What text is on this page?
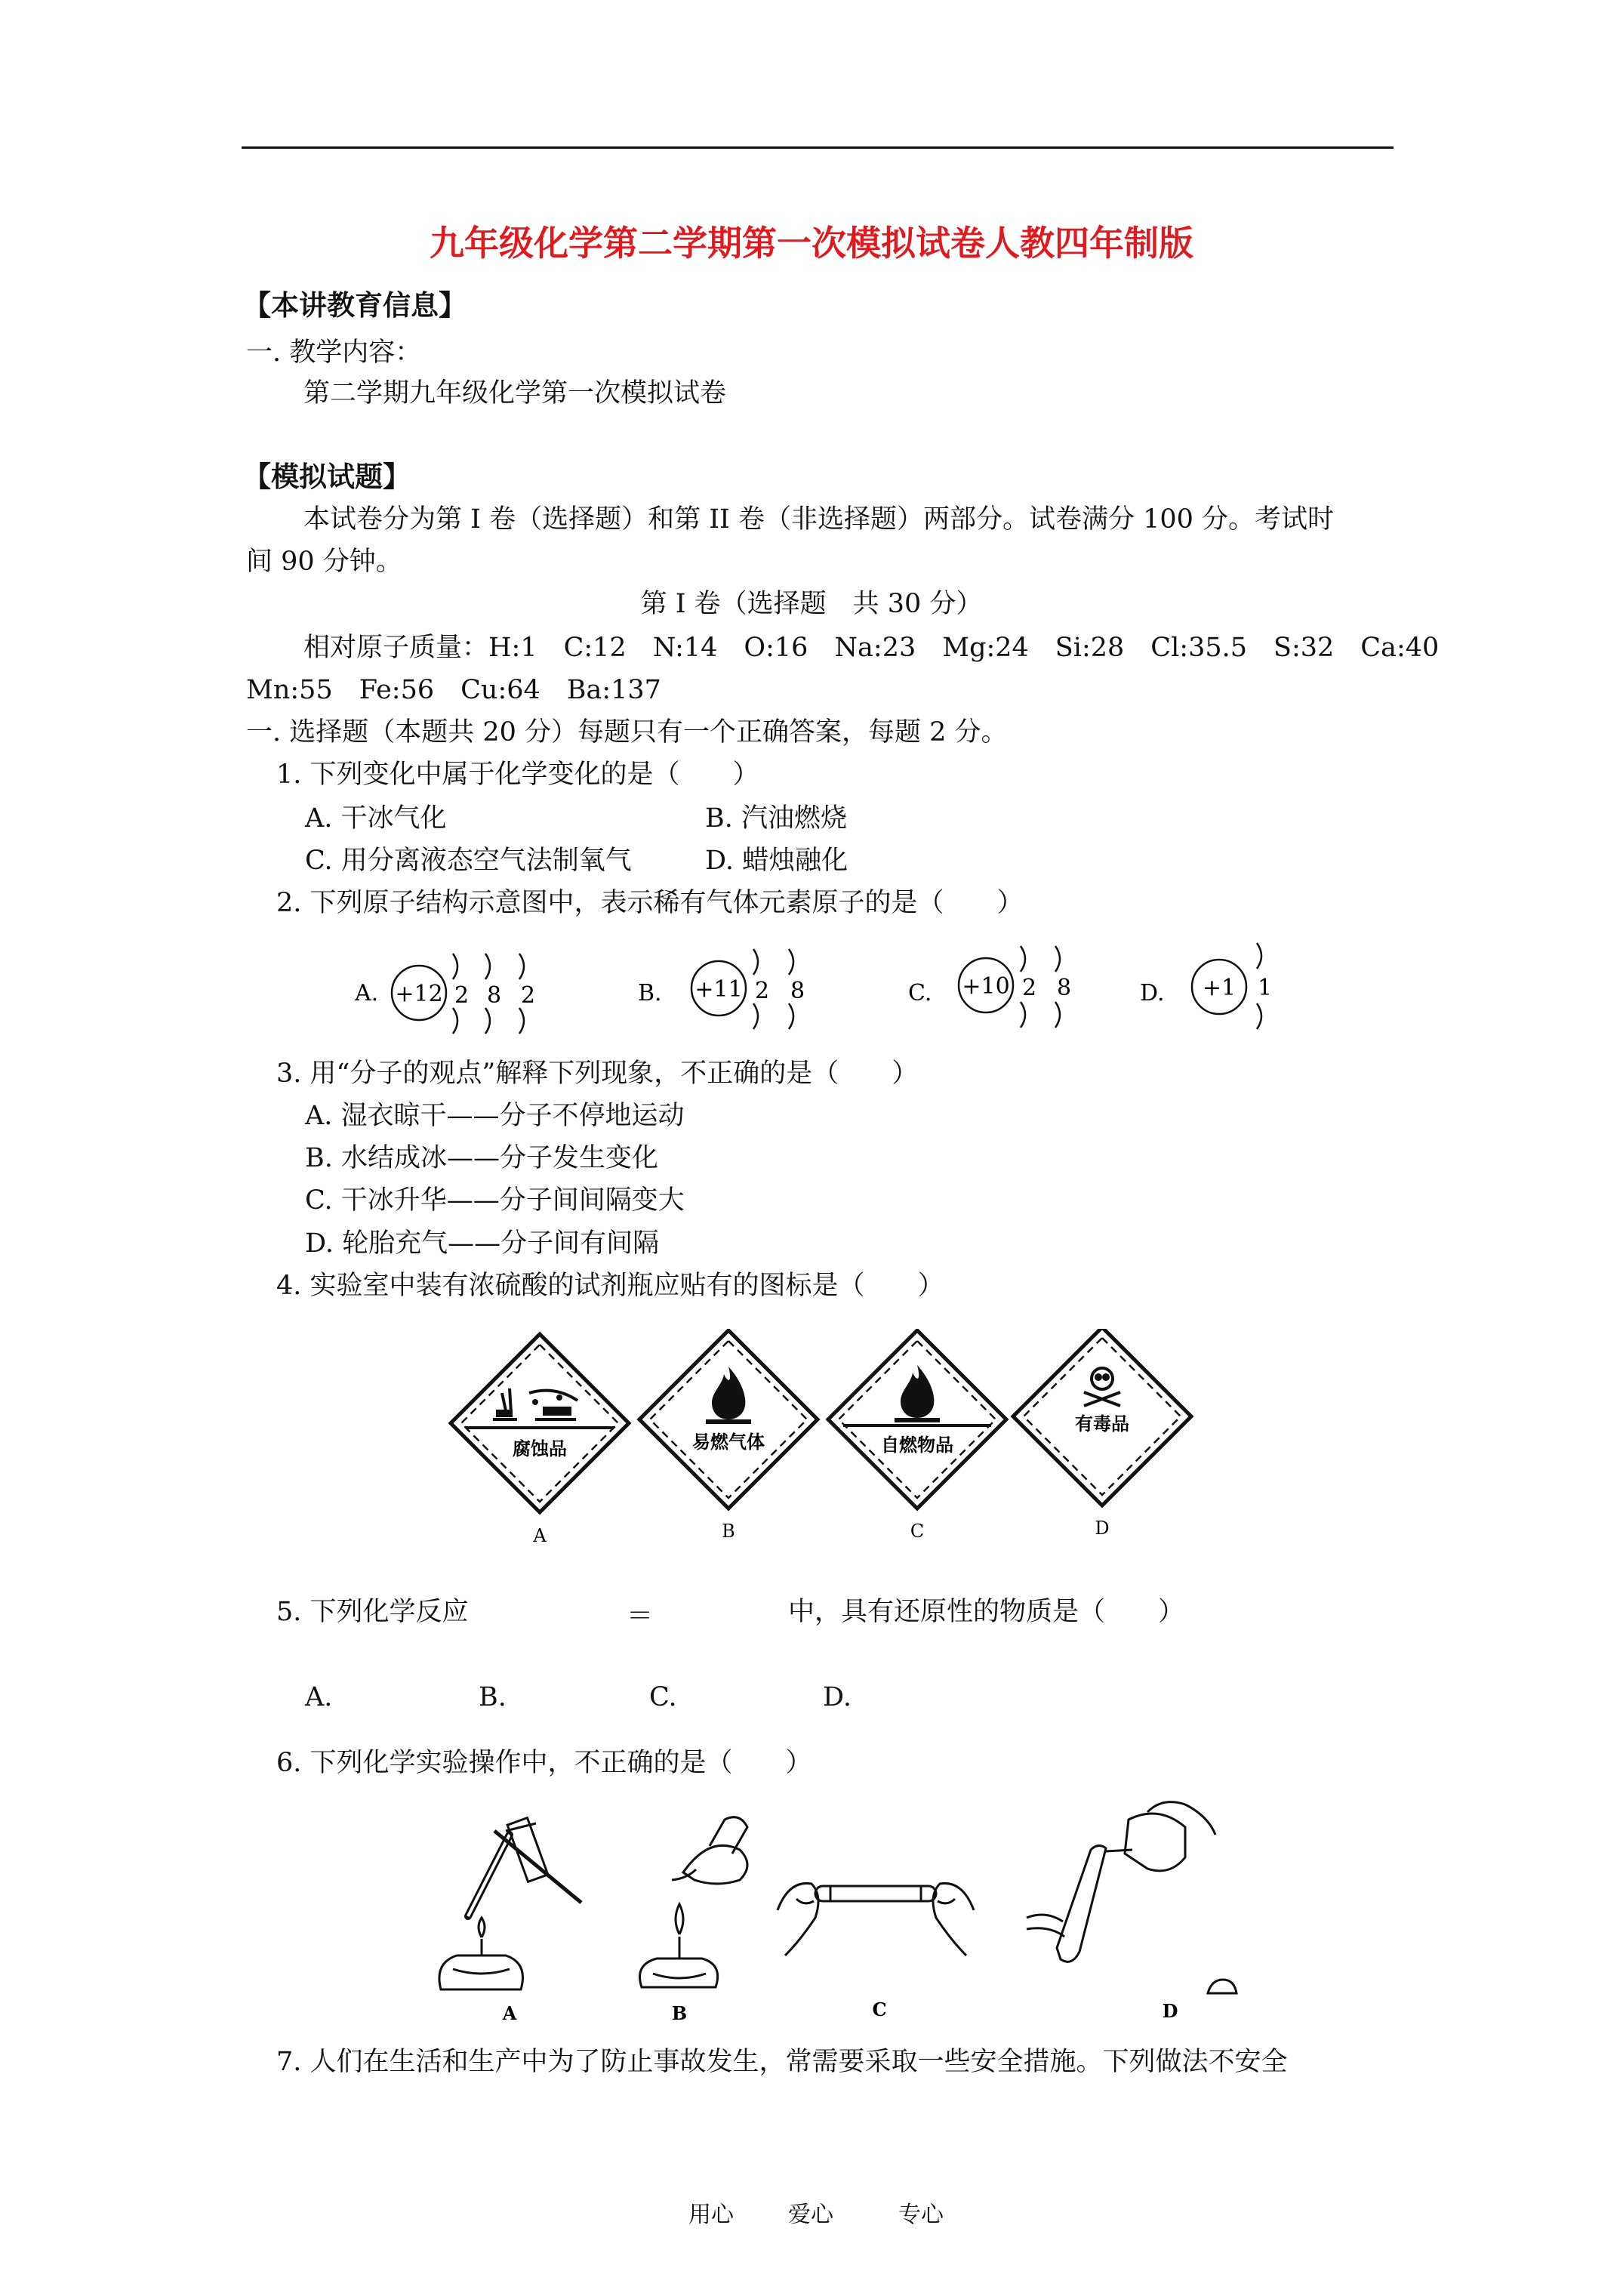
九年级化学第二学期第一次模拟试卷人教四年制版
【本讲教育信息】
一. 教学内容：
第二学期九年级化学第一次模拟试卷
【模拟试题】
本试卷分为第 I 卷（选择题）和第 II 卷（非选择题）两部分。试卷满分 100 分。考试时
间 90 分钟。
第 I 卷（选择题　共 30 分）
相对原子质量：H:1　C:12　N:14　O:16　Na:23　Mg:24　Si:28　Cl:35.5　S:32　Ca:40
Mn:55　Fe:56　Cu:64　Ba:137
一. 选择题（本题共 20 分）每题只有一个正确答案，每题 2 分。
1. 下列变化中属于化学变化的是（　　）
A. 干冰气化	B. 汽油燃烧
C. 用分离液态空气法制氧气	D. 蜡烛融化
2. 下列原子结构示意图中，表示稀有气体元素原子的是（　　）
A. +12 2 8 2	B. +11 2 8	C. +10 2 8	D. +1 1
3. 用“分子的观点”解释下列现象，不正确的是（　　）
A. 湿衣晾干——分子不停地运动
B. 水结成冰——分子发生变化
C. 干冰升华——分子间间隔变大
D. 轮胎充气——分子间有间隔
4. 实验室中装有浓硫酸的试剂瓶应贴有的图标是（　　）
腐蚀品
A
易燃气体
B
自燃物品
C
有毒品
D
5. 下列化学反应	＝	中，具有还原性的物质是（　　）
A.	B.	C.	D.
6. 下列化学实验操作中，不正确的是（　　）
A	B	C	D
7. 人们在生活和生产中为了防止事故发生，常需要采取一些安全措施。下列做法不安全
用心 爱心	专心
